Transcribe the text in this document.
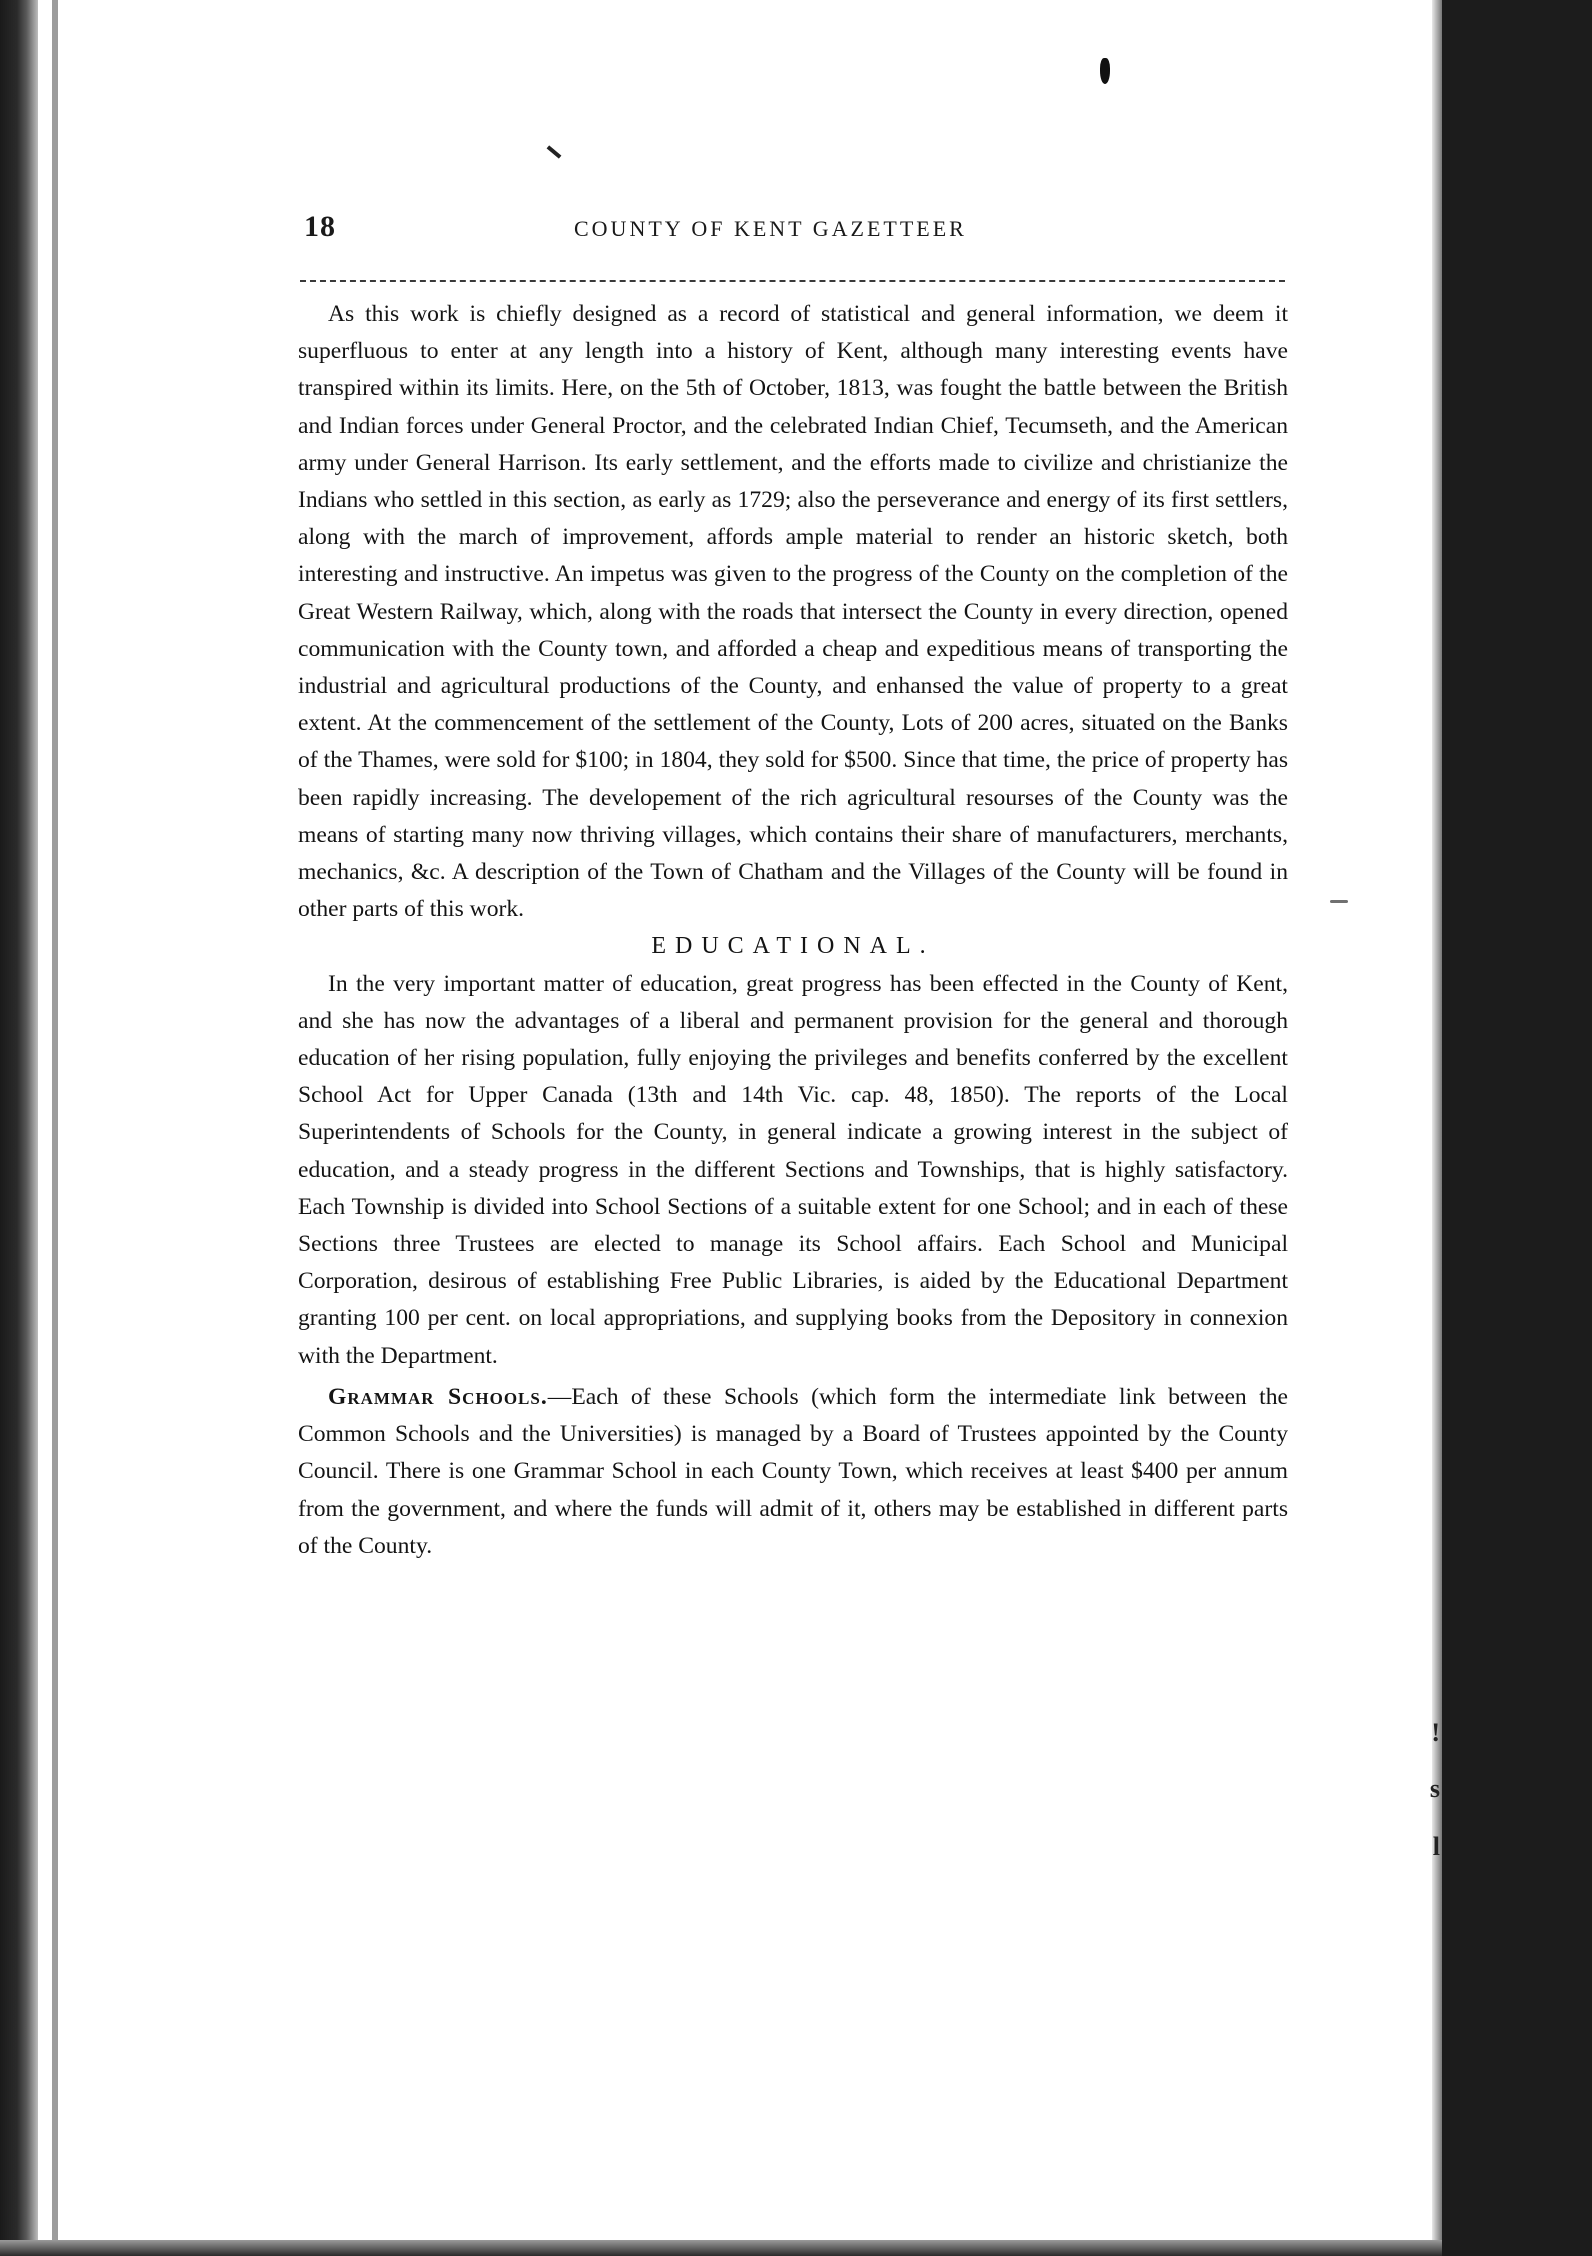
!
s
l
18	COUNTY OF KENT GAZETTEER

As this work is chiefly designed as a record of statistical and general information, we deem it superfluous to enter at any length into a history of Kent, although many interesting events have transpired within its limits. Here, on the 5th of October, 1813, was fought the battle between the British and Indian forces under General Proctor, and the celebrated Indian Chief, Tecumseth, and the American army under General Harrison. Its early settlement, and the efforts made to civilize and christianize the Indians who settled in this section, as early as 1729; also the perseverance and energy of its first settlers, along with the march of improvement, affords ample material to render an historic sketch, both interesting and instructive. An impetus was given to the progress of the County on the completion of the Great Western Railway, which, along with the roads that intersect the County in every direction, opened communication with the County town, and afforded a cheap and expeditious means of transporting the industrial and agricultural productions of the County, and enhansed the value of property to a great extent. At the commencement of the settlement of the County, Lots of 200 acres, situated on the Banks of the Thames, were sold for $100; in 1804, they sold for $500. Since that time, the price of property has been rapidly increasing. The developement of the rich agricultural resourses of the County was the means of starting many now thriving villages, which contains their share of manufacturers, merchants, mechanics, &c. A description of the Town of Chatham and the Villages of the County will be found in other parts of this work.

EDUCATIONAL.

In the very important matter of education, great progress has been effected in the County of Kent, and she has now the advantages of a liberal and permanent provision for the general and thorough education of her rising population, fully enjoying the privileges and benefits conferred by the excellent School Act for Upper Canada (13th and 14th Vic. cap. 48, 1850). The reports of the Local Superintendents of Schools for the County, in general indicate a growing interest in the subject of education, and a steady progress in the different Sections and Townships, that is highly satisfactory. Each Township is divided into School Sections of a suitable extent for one School; and in each of these Sections three Trustees are elected to manage its School affairs. Each School and Municipal Corporation, desirous of establishing Free Public Libraries, is aided by the Educational Department granting 100 per cent. on local appropriations, and supplying books from the Depository in connexion with the Department.

Grammar Schools.—Each of these Schools (which form the intermediate link between the Common Schools and the Universities) is managed by a Board of Trustees appointed by the County Council. There is one Grammar School in each County Town, which receives at least $400 per annum from the government, and where the funds will admit of it, others may be established in different parts of the County.
